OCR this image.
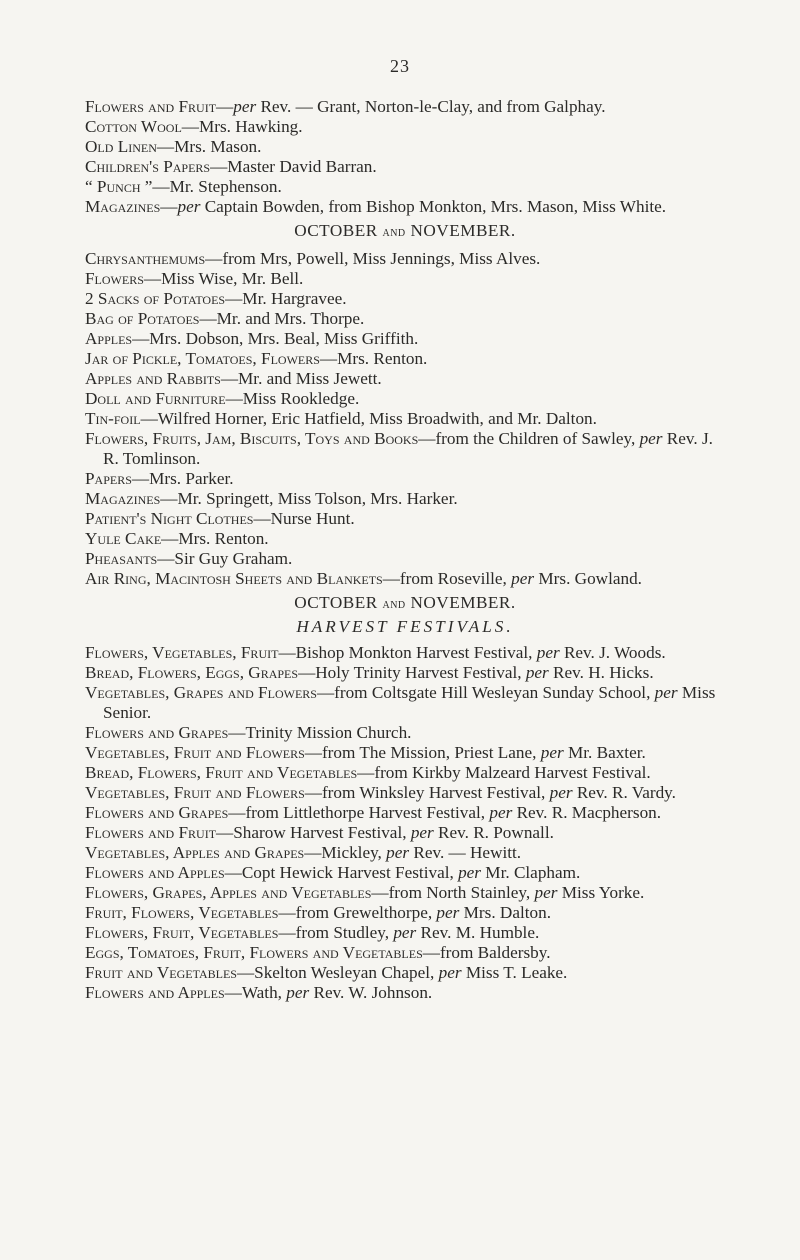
23

Flowers and Fruit—per Rev. — Grant, Norton-le-Clay, and from Galphay.

Cotton Wool—Mrs. Hawking.

Old Linen—Mrs. Mason.

Children's Papers—Master David Barran.

“ Punch ”—Mr. Stephenson.

Magazines—per Captain Bowden, from Bishop Monkton, Mrs. Mason, Miss White.

OCTOBER and NOVEMBER.

Chrysanthemums—from Mrs, Powell, Miss Jennings, Miss Alves.

Flowers—Miss Wise, Mr. Bell.

2 Sacks of Potatoes—Mr. Hargravee.

Bag of Potatoes—Mr. and Mrs. Thorpe.

Apples—Mrs. Dobson, Mrs. Beal, Miss Griffith.

Jar of Pickle, Tomatoes, Flowers—Mrs. Renton.

Apples and Rabbits—Mr. and Miss Jewett.

Doll and Furniture—Miss Rookledge.

Tin-foil—Wilfred Horner, Eric Hatfield, Miss Broadwith, and Mr. Dalton.

Flowers, Fruits, Jam, Biscuits, Toys and Books—from the Children of Sawley, per Rev. J. R. Tomlinson.

Papers—Mrs. Parker.

Magazines—Mr. Springett, Miss Tolson, Mrs. Harker.

Patient's Night Clothes—Nurse Hunt.

Yule Cake—Mrs. Renton.

Pheasants—Sir Guy Graham.

Air Ring, Macintosh Sheets and Blankets—from Roseville, per Mrs. Gowland.

OCTOBER and NOVEMBER.
HARVEST FESTIVALS.

Flowers, Vegetables, Fruit—Bishop Monkton Harvest Festival, per Rev. J. Woods.

Bread, Flowers, Eggs, Grapes—Holy Trinity Harvest Festival, per Rev. H. Hicks.

Vegetables, Grapes and Flowers—from Coltsgate Hill Wesleyan Sunday School, per Miss Senior.

Flowers and Grapes—Trinity Mission Church.

Vegetables, Fruit and Flowers—from The Mission, Priest Lane, per Mr. Baxter.

Bread, Flowers, Fruit and Vegetables—from Kirkby Malzeard Harvest Festival.

Vegetables, Fruit and Flowers—from Winksley Harvest Festival, per Rev. R. Vardy.

Flowers and Grapes—from Littlethorpe Harvest Festival, per Rev. R. Macpherson.

Flowers and Fruit—Sharow Harvest Festival, per Rev. R. Pownall.

Vegetables, Apples and Grapes—Mickley, per Rev. — Hewitt.

Flowers and Apples—Copt Hewick Harvest Festival, per Mr. Clapham.

Flowers, Grapes, Apples and Vegetables—from North Stainley, per Miss Yorke.

Fruit, Flowers, Vegetables—from Grewelthorpe, per Mrs. Dalton.

Flowers, Fruit, Vegetables—from Studley, per Rev. M. Humble.

Eggs, Tomatoes, Fruit, Flowers and Vegetables—from Baldersby.

Fruit and Vegetables—Skelton Wesleyan Chapel, per Miss T. Leake.

Flowers and Apples—Wath, per Rev. W. Johnson.
